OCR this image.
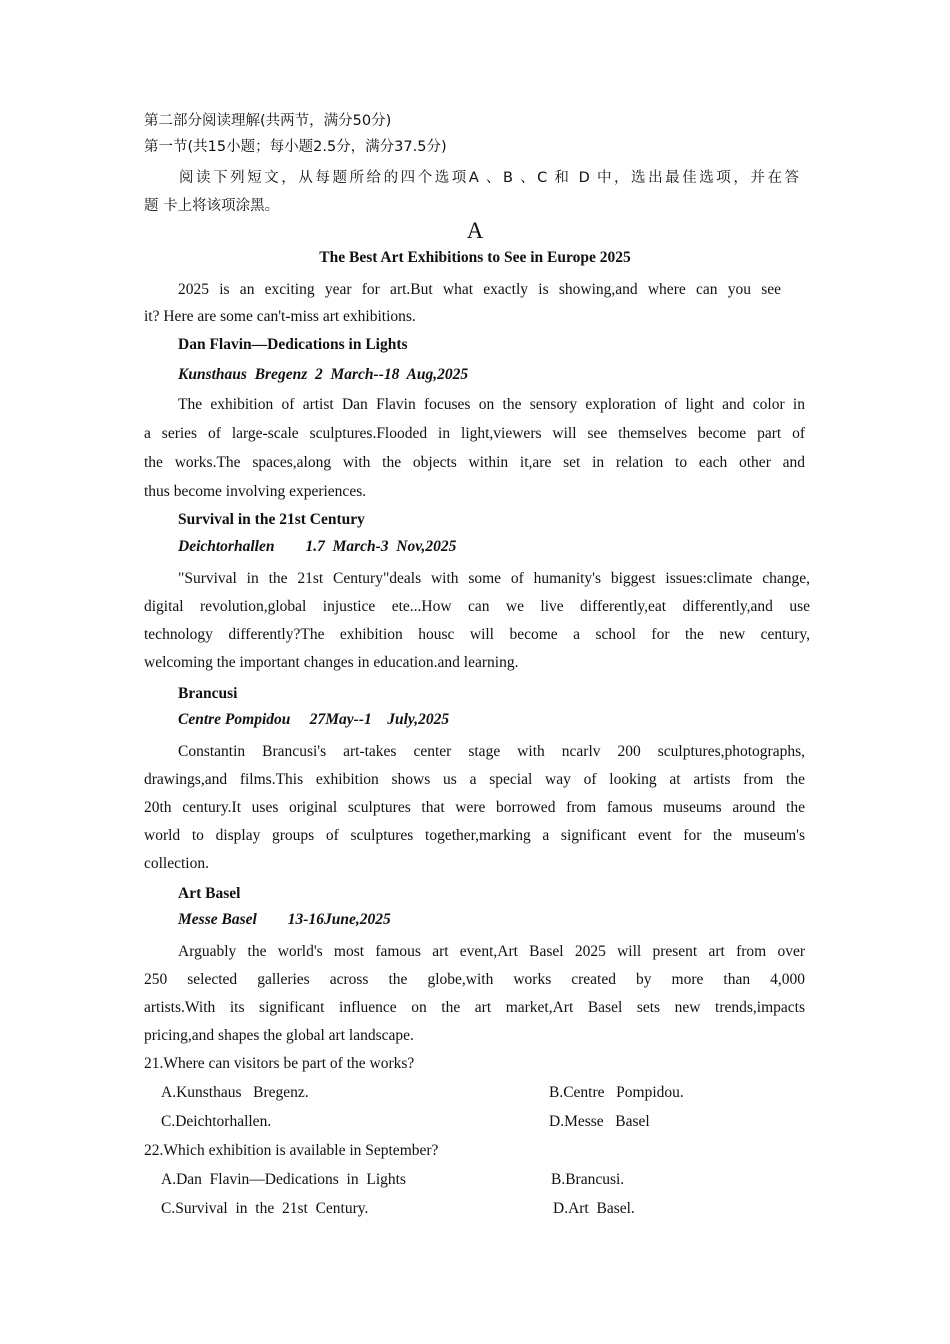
第二部分阅读理解(共两节，满分50分)
第一节(共15小题；每小题2.5分，满分37.5分)
阅读下列短文，从每题所给的四个选项A 、B 、C 和 D 中，选出最佳选项，并在答
题 卡上将该项涂黑。
A
The Best Art Exhibitions to See in Europe 2025
2025 is an exciting year for art.But what exactly is showing,and where can you see
it? Here are some can't-miss art exhibitions.
Dan Flavin—Dedications in Lights
Kunsthaus  Bregenz  2  March--18  Aug,2025
The exhibition of artist Dan Flavin focuses on the sensory exploration of light and color in
a series of large-scale sculptures.Flooded in light,viewers will see themselves become part of
the works.The spaces,along with the objects within it,are set in relation to each other and
thus become involving experiences.
Survival in the 21st Century
Deichtorhallen        1.7  March-3  Nov,2025
"Survival in the 21st Century"deals with some of humanity's biggest issues:climate change,
digital revolution,global injustice ete...How can we live differently,eat differently,and use
technology differently?The exhibition housc will become a school for the new century,
welcoming the important changes in education.and learning.
Brancusi
Centre Pompidou     27May--1    July,2025
Constantin Brancusi's art-takes center stage with ncarlv 200 sculptures,photographs,
drawings,and films.This exhibition shows us a special way of looking at artists from the
20th century.It uses original sculptures that were borrowed from famous museums around the
world to display groups of sculptures together,marking a significant event for the museum's
collection.
Art Basel
Messe Basel        13-16June,2025
Arguably the world's most famous art event,Art Basel 2025 will present art from over
250 selected galleries across the globe,with works created by more than 4,000
artists.With its significant influence on the art market,Art Basel sets new trends,impacts
pricing,and shapes the global art landscape.
21.Where can visitors be part of the works?
A.Kunsthaus   Bregenz.	B.Centre   Pompidou.
C.Deichtorhallen.	D.Messe   Basel
22.Which exhibition is available in September?
A.Dan  Flavin—Dedications  in  Lights	B.Brancusi.
C.Survival  in  the  21st  Century.	D.Art  Basel.
